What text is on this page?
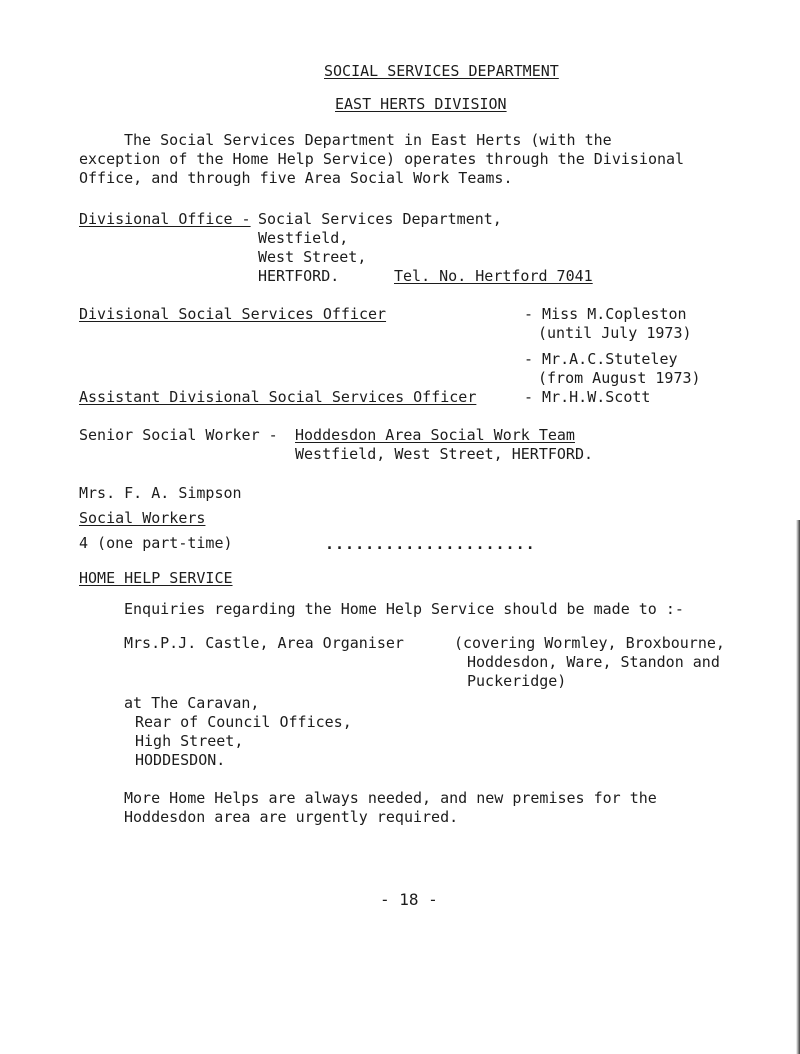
SOCIAL SERVICES DEPARTMENT
EAST HERTS DIVISION
The Social Services Department in East Herts (with the
exception of the Home Help Service) operates through the Divisional
Office, and through five Area Social Work Teams.
Divisional Office - Social Services Department,
Westfield,
West Street,
HERTFORD.	Tel. No. Hertford 7041
Divisional Social Services Officer	- Miss M.Copleston
(until July 1973)
- Mr.A.C.Stuteley
(from August 1973)
Assistant Divisional Social Services Officer	- Mr.H.W.Scott
Senior Social Worker - Hoddesdon Area Social Work Team
Westfield, West Street, HERTFORD.
Mrs. F. A. Simpson
Social Workers
4 (one part-time)	.....................
HOME HELP SERVICE
Enquiries regarding the Home Help Service should be made to :-
Mrs.P.J. Castle, Area Organiser	(covering Wormley, Broxbourne,
Hoddesdon, Ware, Standon and
Puckeridge)
at The Caravan,
Rear of Council Offices,
High Street,
HODDESDON.
More Home Helps are always needed, and new premises for the
Hoddesdon area are urgently required.
- 18 -
